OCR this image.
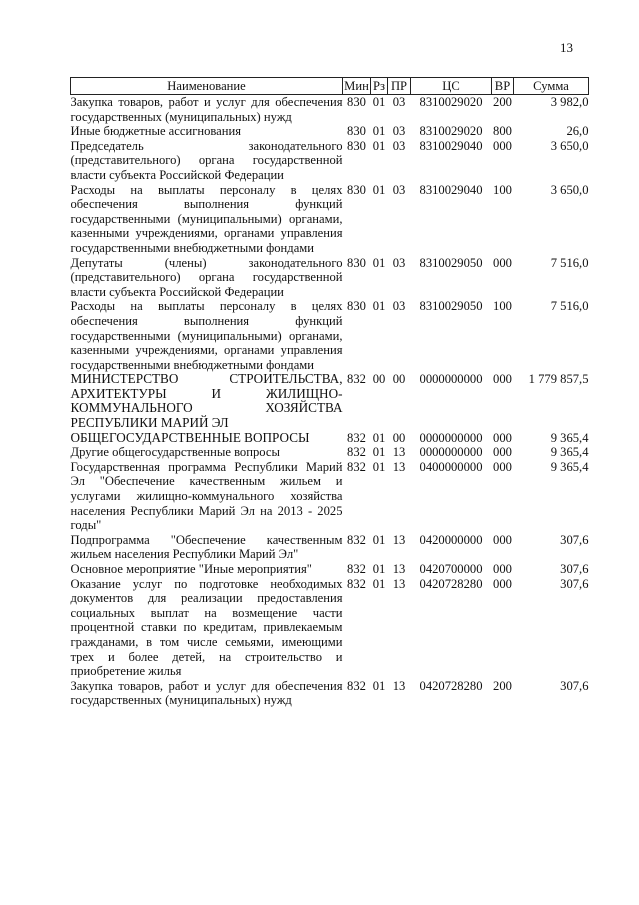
13
Наименование	Мин	Рз	ПР	ЦС	ВР	Сумма
Закупка товаров, работ и услуг для обеспечения государственных (муниципальных) нужд	830	01	03	8310029020	200	3 982,0
Иные бюджетные ассигнования	830	01	03	8310029020	800	26,0
Председатель законодательного (представительного) органа государственной власти субъекта Российской Федерации	830	01	03	8310029040	000	3 650,0
Расходы на выплаты персоналу в целях обеспечения выполнения функций государственными (муниципальными) органами, казенными учреждениями, органами управления государственными внебюджетными фондами	830	01	03	8310029040	100	3 650,0
Депутаты (члены) законодательного (представительного) органа государственной власти субъекта Российской Федерации	830	01	03	8310029050	000	7 516,0
Расходы на выплаты персоналу в целях обеспечения выполнения функций государственными (муниципальными) органами, казенными учреждениями, органами управления государственными внебюджетными фондами	830	01	03	8310029050	100	7 516,0
МИНИСТЕРСТВО СТРОИТЕЛЬСТВА, АРХИТЕКТУРЫ И ЖИЛИЩНО-КОММУНАЛЬНОГО ХОЗЯЙСТВА РЕСПУБЛИКИ МАРИЙ ЭЛ	832	00	00	0000000000	000	1 779 857,5
ОБЩЕГОСУДАРСТВЕННЫЕ ВОПРОСЫ	832	01	00	0000000000	000	9 365,4
Другие общегосударственные вопросы	832	01	13	0000000000	000	9 365,4
Государственная программа Республики Марий Эл "Обеспечение качественным жильем и услугами жилищно-коммунального хозяйства населения Республики Марий Эл на 2013 - 2025 годы"	832	01	13	0400000000	000	9 365,4
Подпрограмма "Обеспечение качественным жильем населения Республики Марий Эл"	832	01	13	0420000000	000	307,6
Основное мероприятие "Иные мероприятия"	832	01	13	0420700000	000	307,6
Оказание услуг по подготовке необходимых документов для реализации предоставления социальных выплат на возмещение части процентной ставки по кредитам, привлекаемым гражданами, в том числе семьями, имеющими трех и более детей, на строительство и приобретение жилья	832	01	13	0420728280	000	307,6
Закупка товаров, работ и услуг для обеспечения государственных (муниципальных) нужд	832	01	13	0420728280	200	307,6
